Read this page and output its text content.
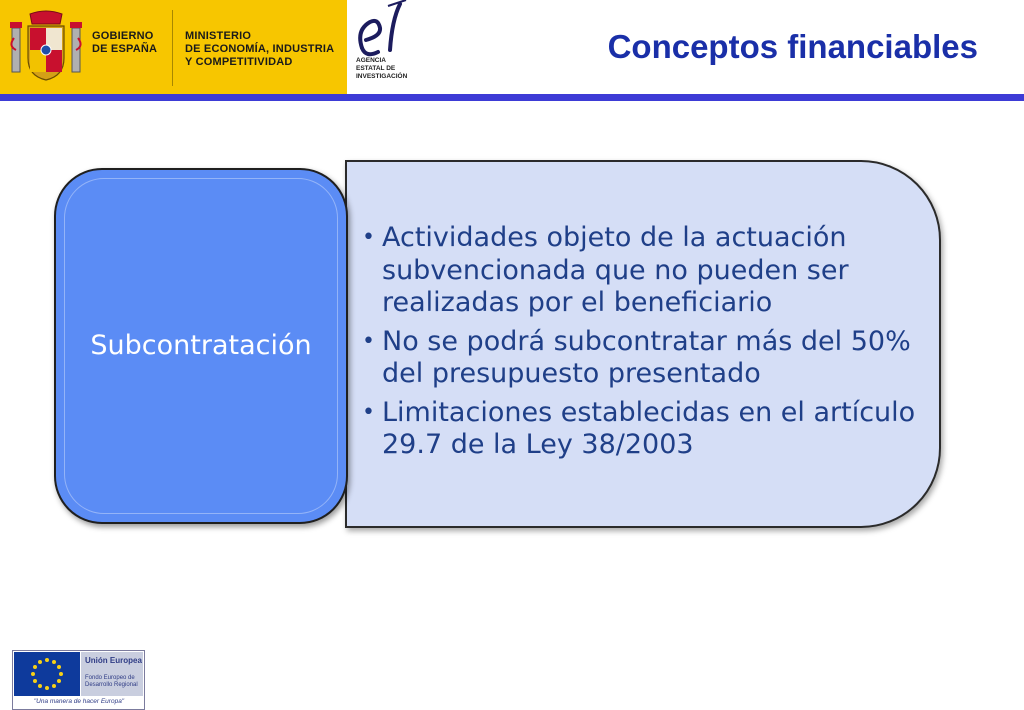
GOBIERNO
DE ESPAÑA
MINISTERIO
DE ECONOMÍA, INDUSTRIA
Y COMPETITIVIDAD	AGENCIA
ESTATAL DE
INVESTIGACIÓN
Conceptos financiables
Subcontratación
• Actividades objeto de la actuación subvencionada que no pueden ser realizadas por el beneficiario
• No se podrá subcontratar más del 50% del presupuesto presentado
• Limitaciones establecidas en el artículo 29.7 de la Ley 38/2003
Unión Europea
Fondo Europeo de
Desarrollo Regional
"Una manera de hacer Europa"
